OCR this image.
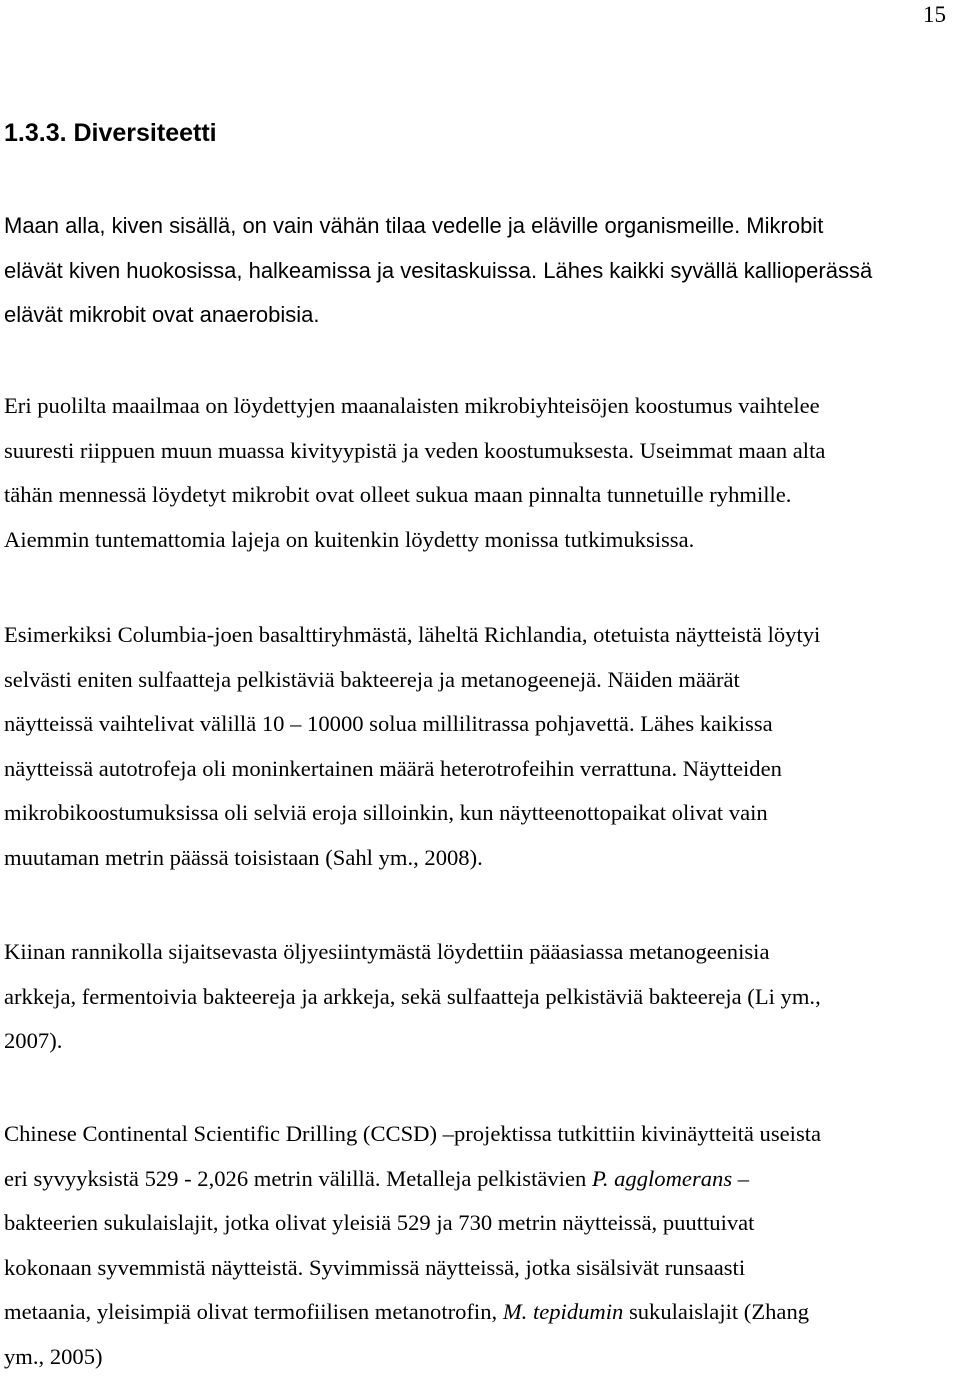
15
1.3.3. Diversiteetti

Maan alla, kiven sisällä, on vain vähän tilaa vedelle ja eläville organismeille. Mikrobit
elävät kiven huokosissa, halkeamissa ja vesitaskuissa. Lähes kaikki syvällä kallioperässä
elävät mikrobit ovat anaerobisia.

Eri puolilta maailmaa on löydettyjen maanalaisten mikrobiyhteisöjen koostumus vaihtelee
suuresti riippuen muun muassa kivityypistä ja veden koostumuksesta. Useimmat maan alta
tähän mennessä löydetyt mikrobit ovat olleet sukua maan pinnalta tunnetuille ryhmille.
Aiemmin tuntemattomia lajeja on kuitenkin löydetty monissa tutkimuksissa.

Esimerkiksi Columbia-joen basalttiryhmästä, läheltä Richlandia, otetuista näytteistä löytyi
selvästi eniten sulfaatteja pelkistäviä bakteereja ja metanogeenejä. Näiden määrät
näytteissä vaihtelivat välillä 10 – 10000 solua millilitrassa pohjavettä. Lähes kaikissa
näytteissä autotrofeja oli moninkertainen määrä heterotrofeihin verrattuna. Näytteiden
mikrobikoostumuksissa oli selviä eroja silloinkin, kun näytteenottopaikat olivat vain
muutaman metrin päässä toisistaan (Sahl ym., 2008).

Kiinan rannikolla sijaitsevasta öljyesiintymästä löydettiin pääasiassa metanogeenisia
arkkeja, fermentoivia bakteereja ja arkkeja, sekä sulfaatteja pelkistäviä bakteereja (Li ym.,
2007).

Chinese Continental Scientific Drilling (CCSD) –projektissa tutkittiin kivinäytteitä useista
eri syvyyksistä 529 - 2,026 metrin välillä. Metalleja pelkistävien P. agglomerans –
bakteerien sukulaislajit, jotka olivat yleisiä 529 ja 730 metrin näytteissä, puuttuivat
kokonaan syvemmistä näytteistä. Syvimmissä näytteissä, jotka sisälsivät runsaasti
metaania, yleisimpiä olivat termofiilisen metanotrofin, M. tepidumin sukulaislajit (Zhang
ym., 2005)
